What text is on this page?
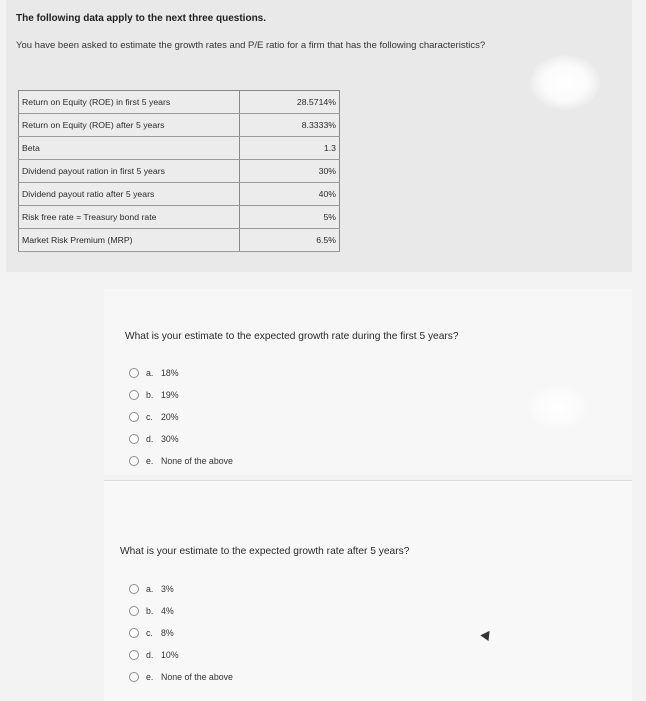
The following data apply to the next three questions.

You have been asked to estimate the growth rates and P/E ratio for a firm that has the following characteristics?

Return on Equity (ROE) in first 5 years	28.5714%
Return on Equity (ROE) after 5 years	8.3333%
Beta	1.3
Dividend payout ration in first 5 years	30%
Dividend payout ratio after 5 years	40%
Risk free rate = Treasury bond rate	5%
Market Risk Premium (MRP)	6.5%

What is your estimate to the expected growth rate during the first 5 years?

a. 18%
b. 19%
c. 20%
d. 30%
e. None of the above

What is your estimate to the expected growth rate after 5 years?

a. 3%
b. 4%
c. 8%
d. 10%
e. None of the above
